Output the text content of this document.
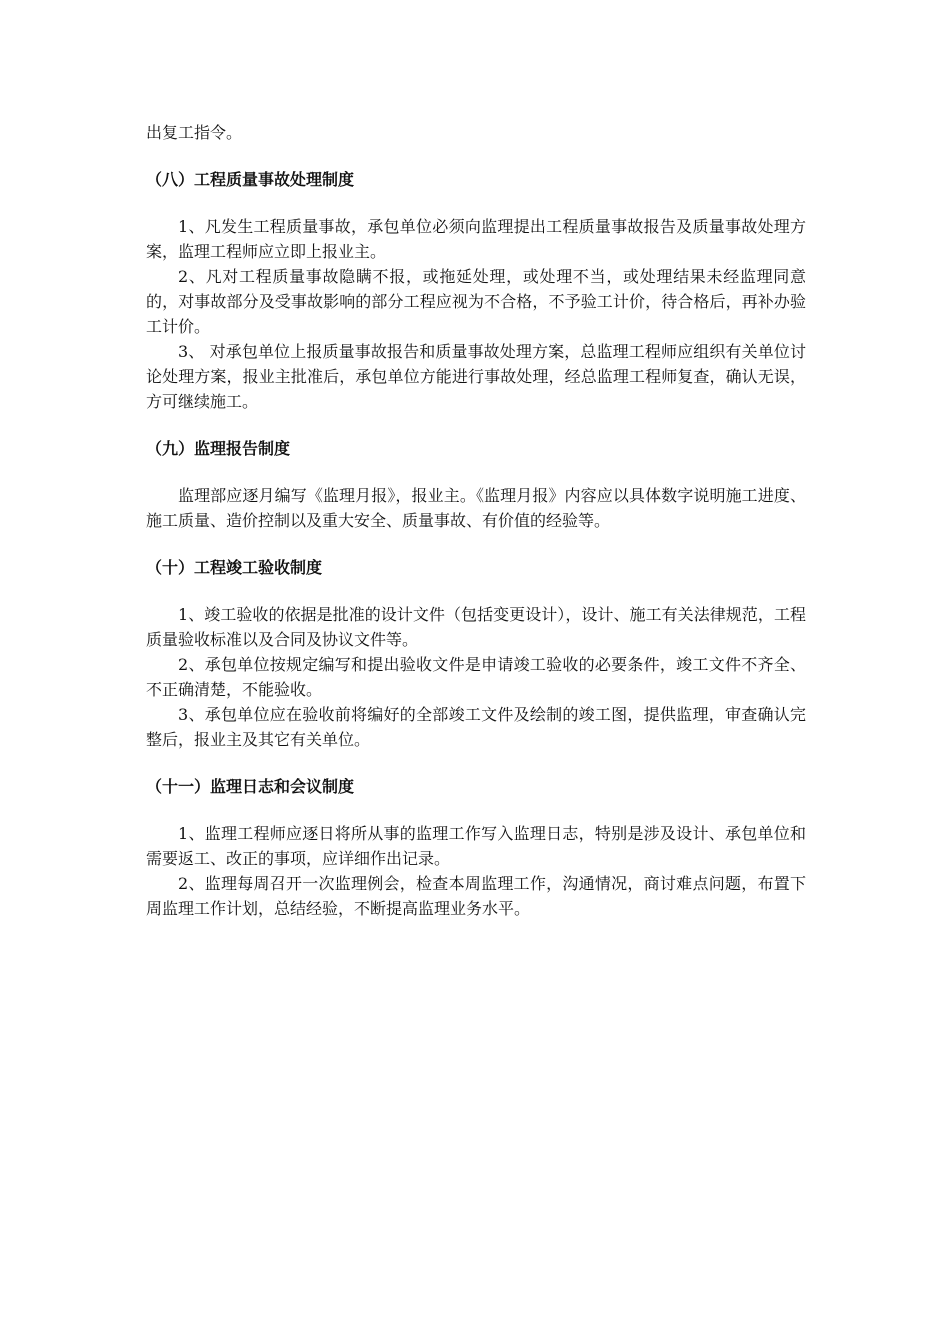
出复工指令。

（八）工程质量事故处理制度

1、凡发生工程质量事故，承包单位必须向监理提出工程质量事故报告及质量事故处理方案，监理工程师应立即上报业主。

2、凡对工程质量事故隐瞒不报，或拖延处理，或处理不当，或处理结果未经监理同意的，对事故部分及受事故影响的部分工程应视为不合格，不予验工计价，待合格后，再补办验工计价。

3、 对承包单位上报质量事故报告和质量事故处理方案，总监理工程师应组织有关单位讨论处理方案，报业主批准后，承包单位方能进行事故处理，经总监理工程师复查，确认无误，方可继续施工。

（九）监理报告制度

监理部应逐月编写《监理月报》，报业主。《监理月报》内容应以具体数字说明施工进度、施工质量、造价控制以及重大安全、质量事故、有价值的经验等。

（十）工程竣工验收制度

1、竣工验收的依据是批准的设计文件（包括变更设计），设计、施工有关法律规范，工程质量验收标准以及合同及协议文件等。

2、承包单位按规定编写和提出验收文件是申请竣工验收的必要条件，竣工文件不齐全、不正确清楚，不能验收。

3、承包单位应在验收前将编好的全部竣工文件及绘制的竣工图，提供监理，审查确认完整后，报业主及其它有关单位。

（十一）监理日志和会议制度

1、监理工程师应逐日将所从事的监理工作写入监理日志，特别是涉及设计、承包单位和需要返工、改正的事项，应详细作出记录。

2、监理每周召开一次监理例会，检查本周监理工作，沟通情况，商讨难点问题，布置下周监理工作计划，总结经验，不断提高监理业务水平。
